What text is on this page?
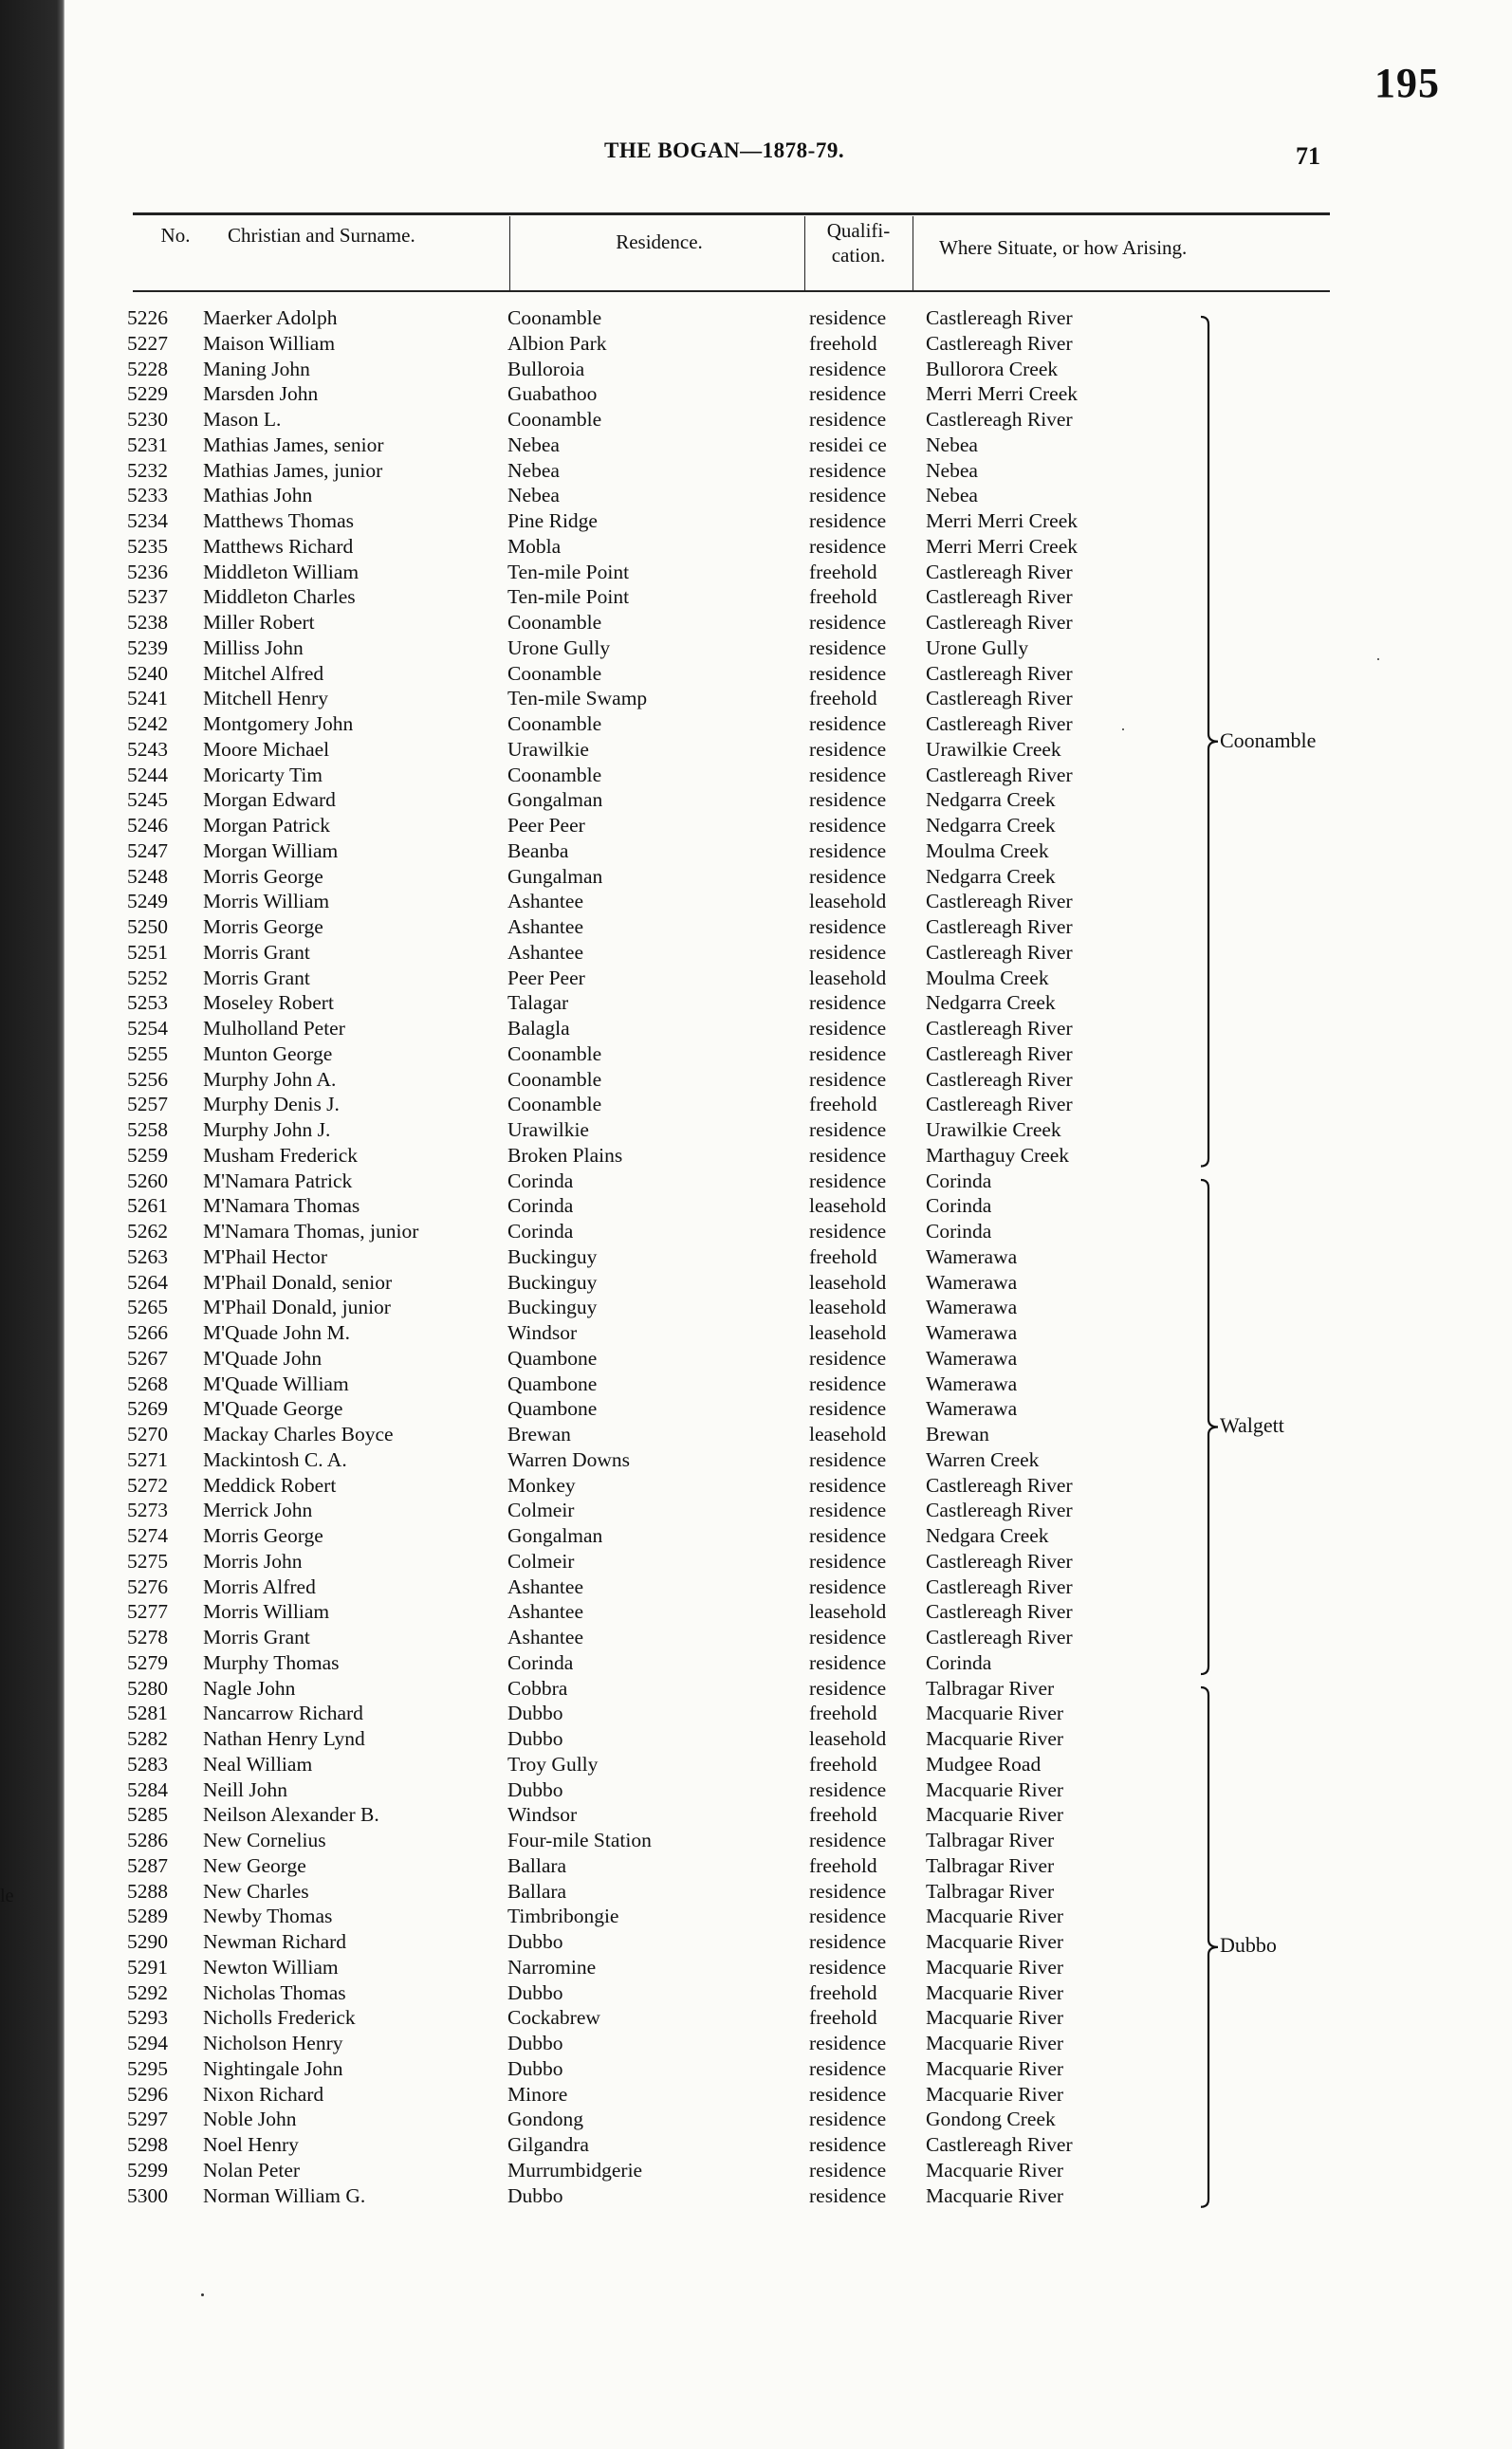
le
195
THE BOGAN—1878-79.	71
No.	Christian and Surname.	Residence.	Qualifi-
cation.	Where Situate, or how Arising.
5226	Maerker Adolph	Coonamble	residence	Castlereagh River
5227	Maison William	Albion Park	freehold	Castlereagh River
5228	Maning John	Bulloroia	residence	Bullorora Creek
5229	Marsden John	Guabathoo	residence	Merri Merri Creek
5230	Mason L.	Coonamble	residence	Castlereagh River
5231	Mathias James, senior	Nebea	residei ce	Nebea
5232	Mathias James, junior	Nebea	residence	Nebea
5233	Mathias John	Nebea	residence	Nebea
5234	Matthews Thomas	Pine Ridge	residence	Merri Merri Creek
5235	Matthews Richard	Mobla	residence	Merri Merri Creek
5236	Middleton William	Ten-mile Point	freehold	Castlereagh River
5237	Middleton Charles	Ten-mile Point	freehold	Castlereagh River
5238	Miller Robert	Coonamble	residence	Castlereagh River
5239	Milliss John	Urone Gully	residence	Urone Gully
5240	Mitchel Alfred	Coonamble	residence	Castlereagh River
5241	Mitchell Henry	Ten-mile Swamp	freehold	Castlereagh River
5242	Montgomery John	Coonamble	residence	Castlereagh River
5243	Moore Michael	Urawilkie	residence	Urawilkie Creek
5244	Moricarty Tim	Coonamble	residence	Castlereagh River
5245	Morgan Edward	Gongalman	residence	Nedgarra Creek
5246	Morgan Patrick	Peer Peer	residence	Nedgarra Creek
5247	Morgan William	Beanba	residence	Moulma Creek
5248	Morris George	Gungalman	residence	Nedgarra Creek
5249	Morris William	Ashantee	leasehold	Castlereagh River
5250	Morris George	Ashantee	residence	Castlereagh River
5251	Morris Grant	Ashantee	residence	Castlereagh River
5252	Morris Grant	Peer Peer	leasehold	Moulma Creek
5253	Moseley Robert	Talagar	residence	Nedgarra Creek
5254	Mulholland Peter	Balagla	residence	Castlereagh River
5255	Munton George	Coonamble	residence	Castlereagh River
5256	Murphy John A.	Coonamble	residence	Castlereagh River
5257	Murphy Denis J.	Coonamble	freehold	Castlereagh River
5258	Murphy John J.	Urawilkie	residence	Urawilkie Creek
5259	Musham Frederick	Broken Plains	residence	Marthaguy Creek
5260	M'Namara Patrick	Corinda	residence	Corinda
5261	M'Namara Thomas	Corinda	leasehold	Corinda
5262	M'Namara Thomas, junior	Corinda	residence	Corinda
5263	M'Phail Hector	Buckinguy	freehold	Wamerawa
5264	M'Phail Donald, senior	Buckinguy	leasehold	Wamerawa
5265	M'Phail Donald, junior	Buckinguy	leasehold	Wamerawa
5266	M'Quade John M.	Windsor	leasehold	Wamerawa
5267	M'Quade John	Quambone	residence	Wamerawa
5268	M'Quade William	Quambone	residence	Wamerawa
5269	M'Quade George	Quambone	residence	Wamerawa
5270	Mackay Charles Boyce	Brewan	leasehold	Brewan
5271	Mackintosh C. A.	Warren Downs	residence	Warren Creek
5272	Meddick Robert	Monkey	residence	Castlereagh River
5273	Merrick John	Colmeir	residence	Castlereagh River
5274	Morris George	Gongalman	residence	Nedgara Creek
5275	Morris John	Colmeir	residence	Castlereagh River
5276	Morris Alfred	Ashantee	residence	Castlereagh River
5277	Morris William	Ashantee	leasehold	Castlereagh River
5278	Morris Grant	Ashantee	residence	Castlereagh River
5279	Murphy Thomas	Corinda	residence	Corinda
5280	Nagle John	Cobbra	residence	Talbragar River
5281	Nancarrow Richard	Dubbo	freehold	Macquarie River
5282	Nathan Henry Lynd	Dubbo	leasehold	Macquarie River
5283	Neal William	Troy Gully	freehold	Mudgee Road
5284	Neill John	Dubbo	residence	Macquarie River
5285	Neilson Alexander B.	Windsor	freehold	Macquarie River
5286	New Cornelius	Four-mile Station	residence	Talbragar River
5287	New George	Ballara	freehold	Talbragar River
5288	New Charles	Ballara	residence	Talbragar River
5289	Newby Thomas	Timbribongie	residence	Macquarie River
5290	Newman Richard	Dubbo	residence	Macquarie River
5291	Newton William	Narromine	residence	Macquarie River
5292	Nicholas Thomas	Dubbo	freehold	Macquarie River
5293	Nicholls Frederick	Cockabrew	freehold	Macquarie River
5294	Nicholson Henry	Dubbo	residence	Macquarie River
5295	Nightingale John	Dubbo	residence	Macquarie River
5296	Nixon Richard	Minore	residence	Macquarie River
5297	Noble John	Gondong	residence	Gondong Creek
5298	Noel Henry	Gilgandra	residence	Castlereagh River
5299	Nolan Peter	Murrumbidgerie	residence	Macquarie River
5300	Norman William G.	Dubbo	residence	Macquarie River
Coonamble
Walgett
Dubbo
